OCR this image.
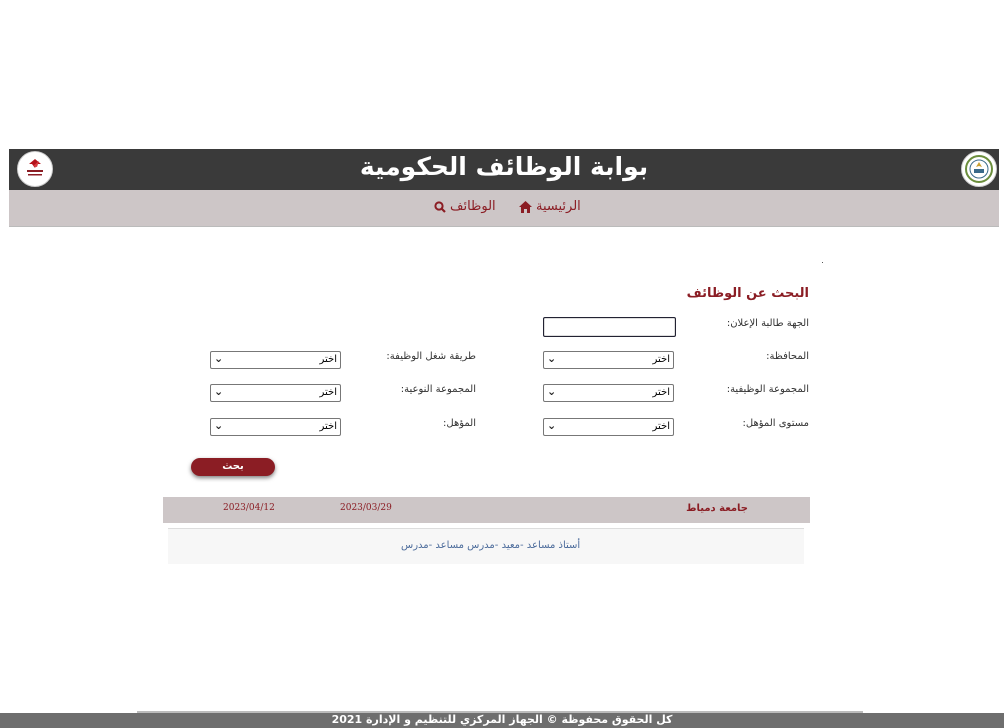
بوابة الوظائف الحكومية
الرئيسية
الوظائف
البحث عن الوظائف
الجهة طالبة الإعلان:
المحافظة:
اختر
⌄
طريقة شغل الوظيفة:
اختر
⌄
المجموعة الوظيفية:
اختر
⌄
المجموعة النوعية:
اختر
⌄
مستوى المؤهل:
اختر
⌄
المؤهل:
اختر
⌄
بحث
جامعة دمياط
2023/03/29
2023/04/12
أستاذ مساعد -معيد -مدرس مساعد -مدرس
كل الحقوق محفوظة © الجهاز المركزي للتنظيم و الإدارة 2021
